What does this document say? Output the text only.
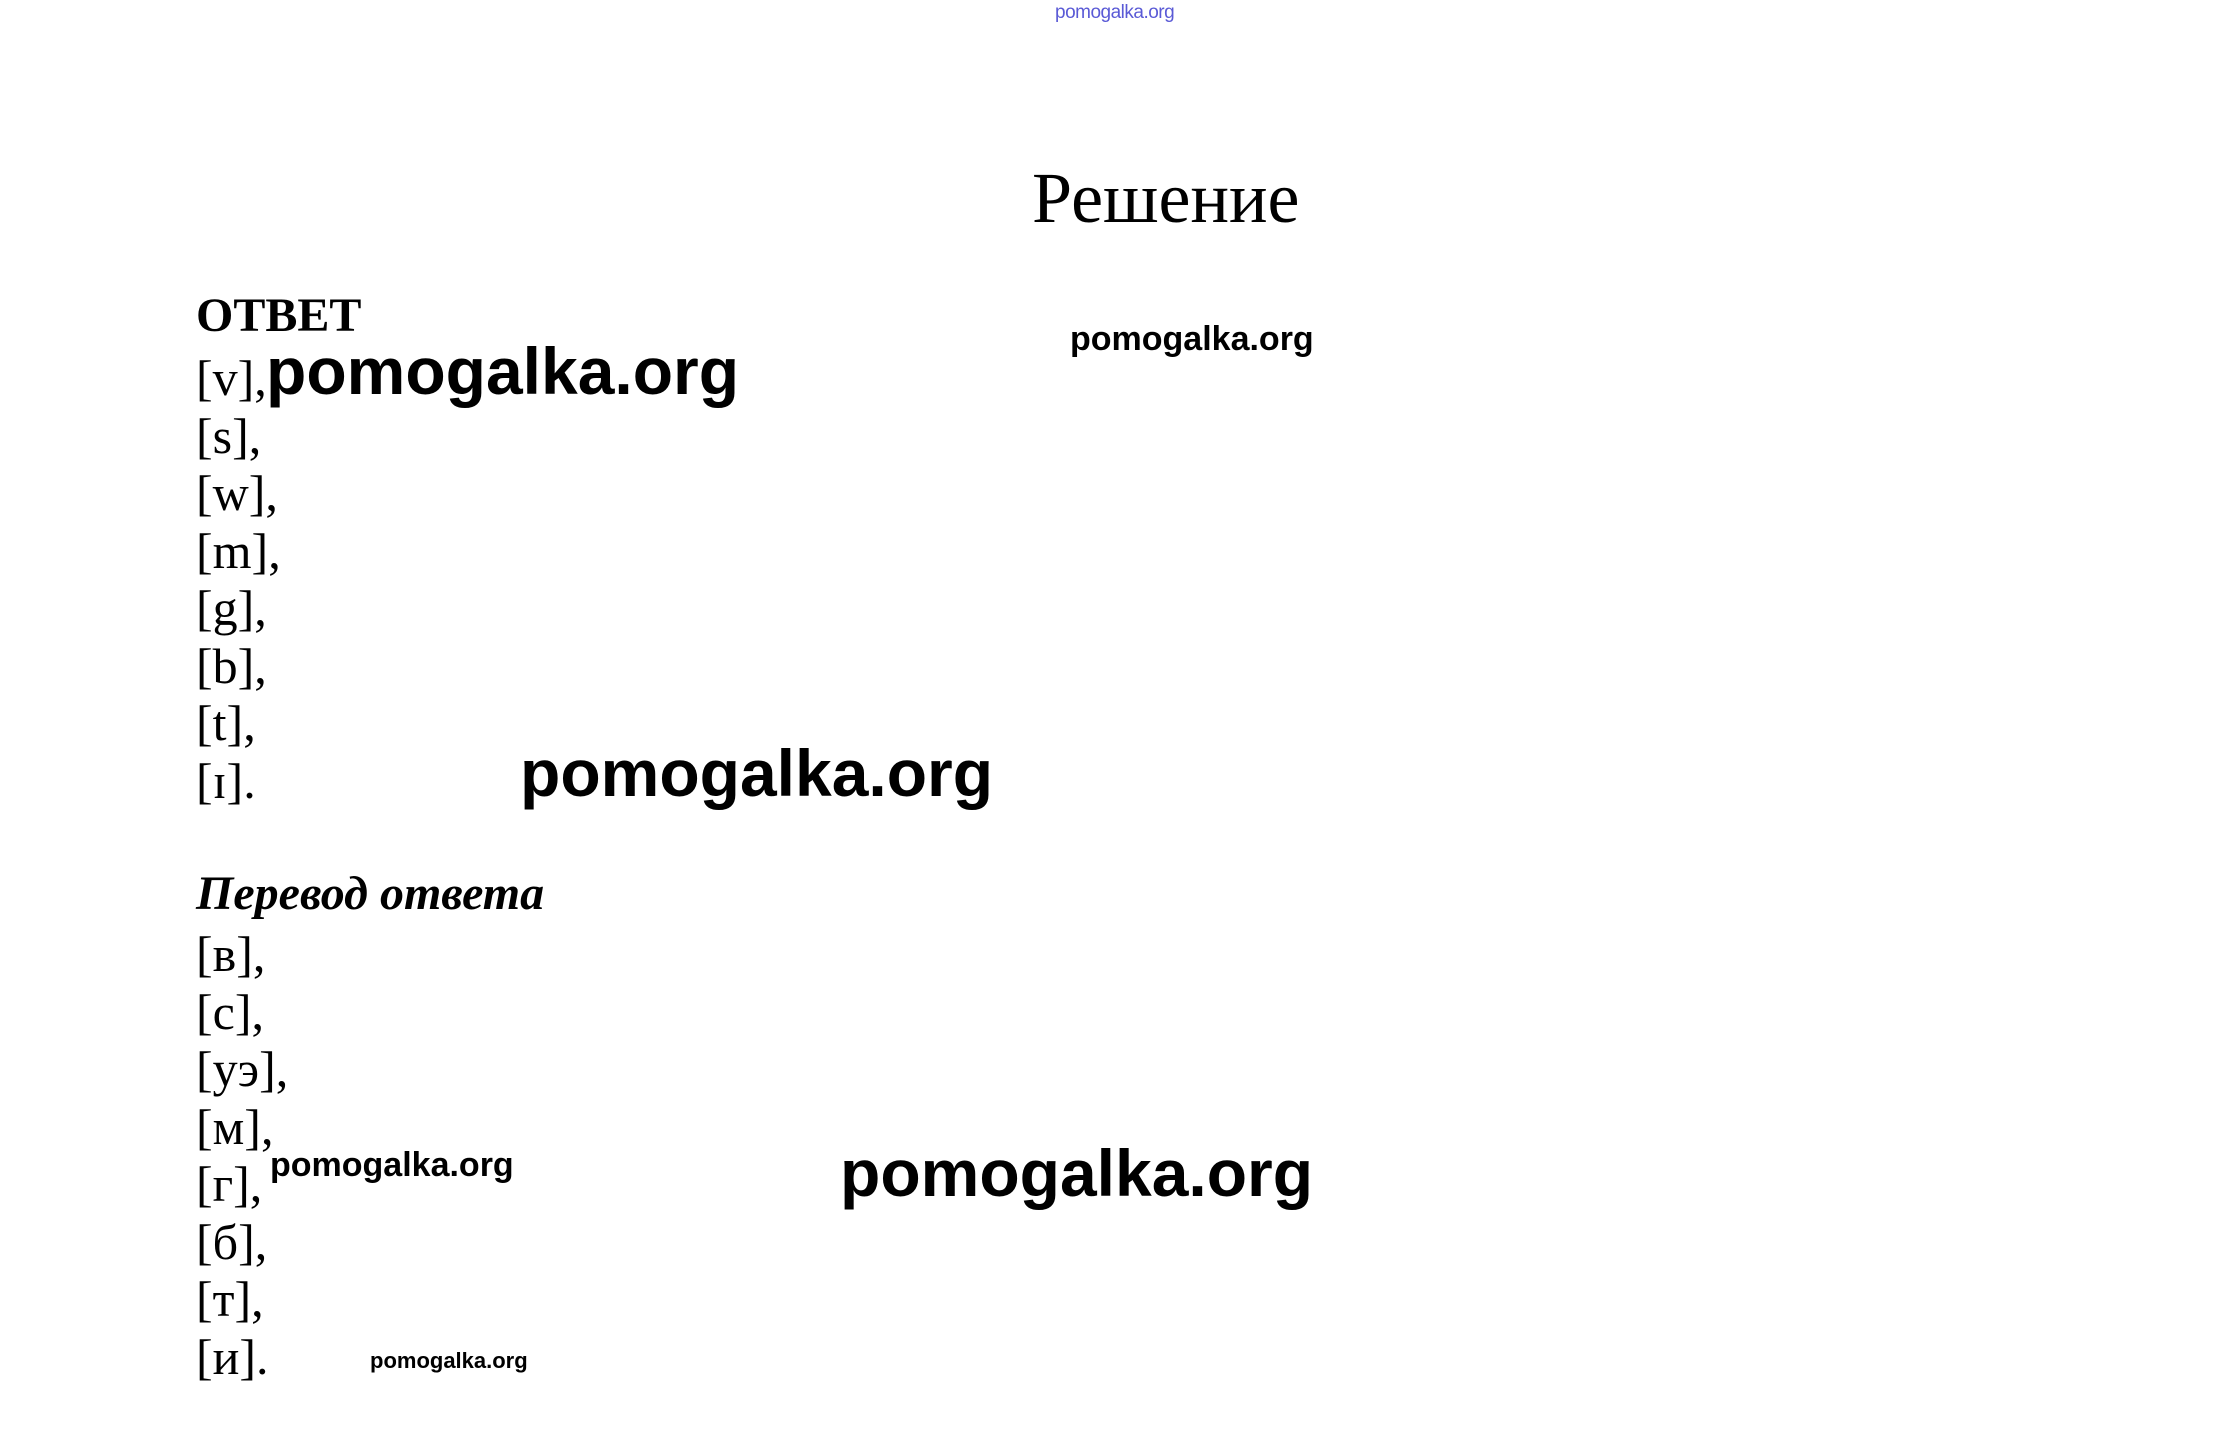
pomogalka.org
Решение
ОТВЕТ
[v],
[s],
[w],
[m],
[g],
[b],
[t],
[ɪ].
Перевод ответа
[в],
[с],
[уэ],
[м],
[г],
[б],
[т],
[и].
pomogalka.org
pomogalka.org
pomogalka.org
pomogalka.org	pomogalka.org
pomogalka.org
